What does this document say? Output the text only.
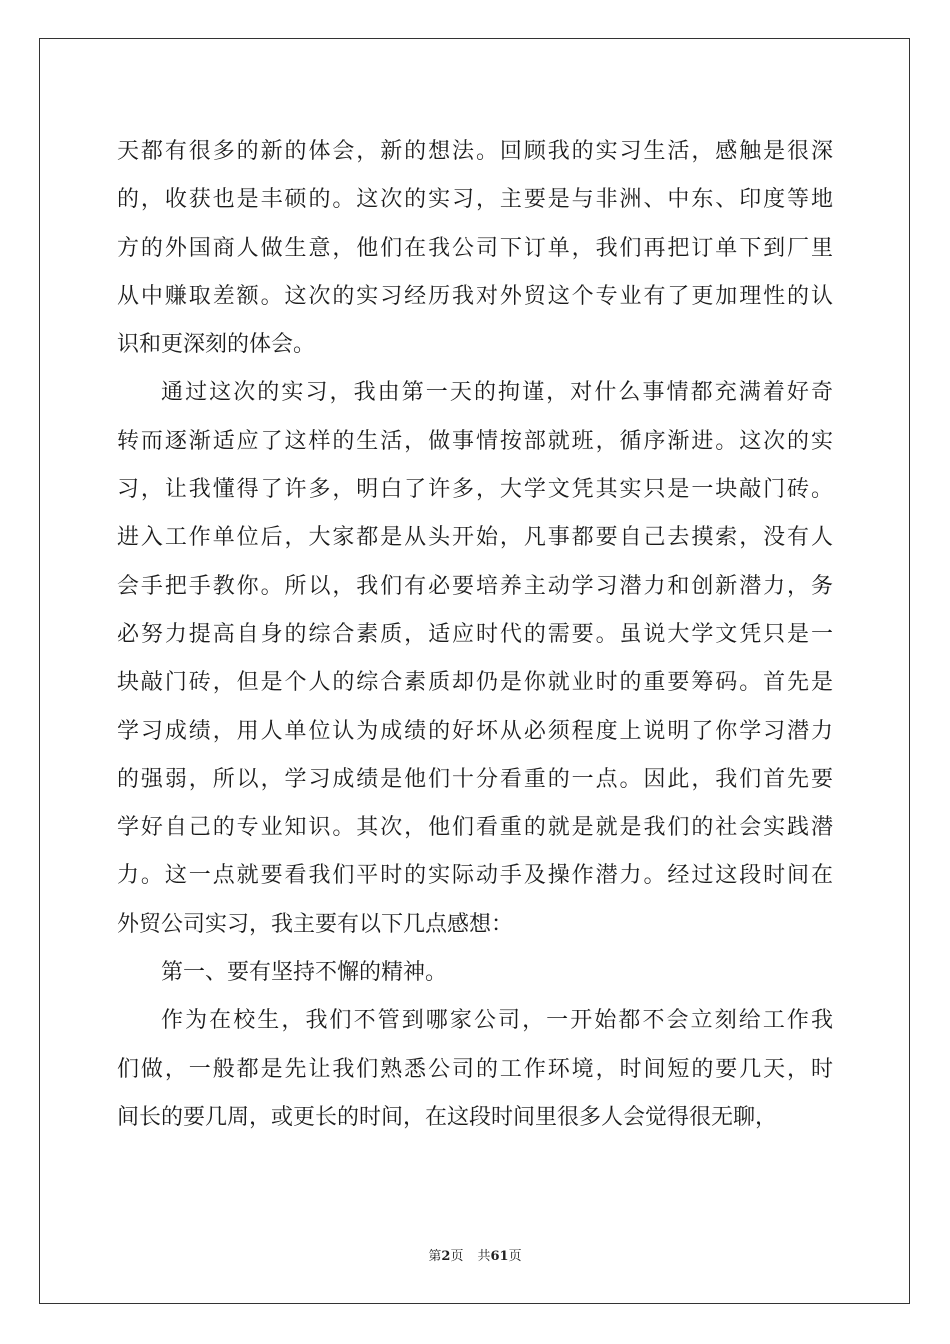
天都有很多的新的体会，新的想法。回顾我的实习生活，感触是很深
的，收获也是丰硕的。这次的实习，主要是与非洲、中东、印度等地
方的外国商人做生意，他们在我公司下订单，我们再把订单下到厂里
从中赚取差额。这次的实习经历我对外贸这个专业有了更加理性的认
识和更深刻的体会。
通过这次的实习，我由第一天的拘谨，对什么事情都充满着好奇
转而逐渐适应了这样的生活，做事情按部就班，循序渐进。这次的实
习，让我懂得了许多，明白了许多，大学文凭其实只是一块敲门砖。
进入工作单位后，大家都是从头开始，凡事都要自己去摸索，没有人
会手把手教你。所以，我们有必要培养主动学习潜力和创新潜力，务
必努力提高自身的综合素质，适应时代的需要。虽说大学文凭只是一
块敲门砖，但是个人的综合素质却仍是你就业时的重要筹码。首先是
学习成绩，用人单位认为成绩的好坏从必须程度上说明了你学习潜力
的强弱，所以，学习成绩是他们十分看重的一点。因此，我们首先要
学好自己的专业知识。其次，他们看重的就是就是我们的社会实践潜
力。这一点就要看我们平时的实际动手及操作潜力。经过这段时间在
外贸公司实习，我主要有以下几点感想：
第一、要有坚持不懈的精神。
作为在校生，我们不管到哪家公司，一开始都不会立刻给工作我
们做，一般都是先让我们熟悉公司的工作环境，时间短的要几天，时
间长的要几周，或更长的时间，在这段时间里很多人会觉得很无聊，
第2页 共61页
